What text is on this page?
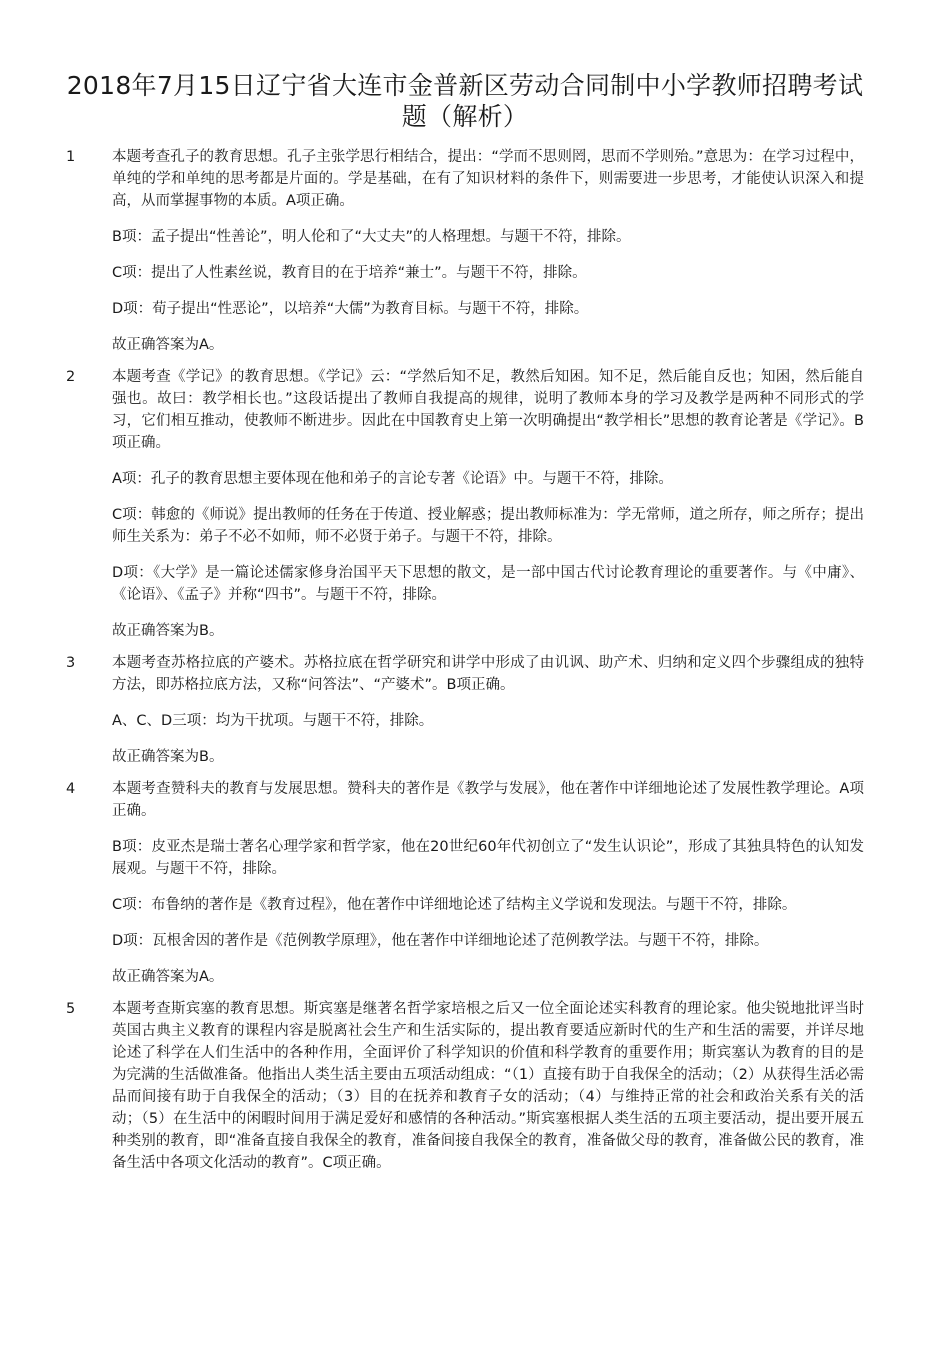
2018年7月15日辽宁省大连市金普新区劳动合同制中小学教师招聘考试题（解析）
1	本题考查孔子的教育思想。孔子主张学思行相结合，提出：“学而不思则罔，思而不学则殆。”意思为：在学习过程中，单纯的学和单纯的思考都是片面的。学是基础，在有了知识材料的条件下，则需要进一步思考，才能使认识深入和提高，从而掌握事物的本质。A项正确。

B项：孟子提出“性善论”，明人伦和了“大丈夫”的人格理想。与题干不符，排除。

C项：提出了人性素丝说，教育目的在于培养“兼士”。与题干不符，排除。

D项：荀子提出“性恶论”，以培养“大儒”为教育目标。与题干不符，排除。

故正确答案为A。

2	本题考查《学记》的教育思想。《学记》云：“学然后知不足，教然后知困。知不足，然后能自反也；知困，然后能自强也。故曰：教学相长也。”这段话提出了教师自我提高的规律，说明了教师本身的学习及教学是两种不同形式的学习，它们相互推动，使教师不断进步。因此在中国教育史上第一次明确提出“教学相长”思想的教育论著是《学记》。B项正确。

A项：孔子的教育思想主要体现在他和弟子的言论专著《论语》中。与题干不符，排除。

C项：韩愈的《师说》提出教师的任务在于传道、授业解惑；提出教师标准为：学无常师，道之所存，师之所存；提出师生关系为：弟子不必不如师，师不必贤于弟子。与题干不符，排除。

D项：《大学》是一篇论述儒家修身治国平天下思想的散文，是一部中国古代讨论教育理论的重要著作。与《中庸》、《论语》、《孟子》并称“四书”。与题干不符，排除。

故正确答案为B。

3	本题考查苏格拉底的产婆术。苏格拉底在哲学研究和讲学中形成了由讥讽、助产术、归纳和定义四个步骤组成的独特方法，即苏格拉底方法，又称“问答法”、“产婆术”。B项正确。

A、C、D三项：均为干扰项。与题干不符，排除。

故正确答案为B。

4	本题考查赞科夫的教育与发展思想。赞科夫的著作是《教学与发展》，他在著作中详细地论述了发展性教学理论。A项正确。

B项：皮亚杰是瑞士著名心理学家和哲学家，他在20世纪60年代初创立了“发生认识论”，形成了其独具特色的认知发展观。与题干不符，排除。

C项：布鲁纳的著作是《教育过程》，他在著作中详细地论述了结构主义学说和发现法。与题干不符，排除。

D项：瓦根舍因的著作是《范例教学原理》，他在著作中详细地论述了范例教学法。与题干不符，排除。

故正确答案为A。

5	本题考查斯宾塞的教育思想。斯宾塞是继著名哲学家培根之后又一位全面论述实科教育的理论家。他尖锐地批评当时英国古典主义教育的课程内容是脱离社会生产和生活实际的，提出教育要适应新时代的生产和生活的需要，并详尽地论述了科学在人们生活中的各种作用，全面评价了科学知识的价值和科学教育的重要作用；斯宾塞认为教育的目的是为完满的生活做准备。他指出人类生活主要由五项活动组成：“（1）直接有助于自我保全的活动；（2）从获得生活必需品而间接有助于自我保全的活动；（3）目的在抚养和教育子女的活动；（4）与维持正常的社会和政治关系有关的活动；（5）在生活中的闲暇时间用于满足爱好和感情的各种活动。”斯宾塞根据人类生活的五项主要活动，提出要开展五种类别的教育，即“准备直接自我保全的教育，准备间接自我保全的教育，准备做父母的教育，准备做公民的教育，准备生活中各项文化活动的教育”。C项正确。
